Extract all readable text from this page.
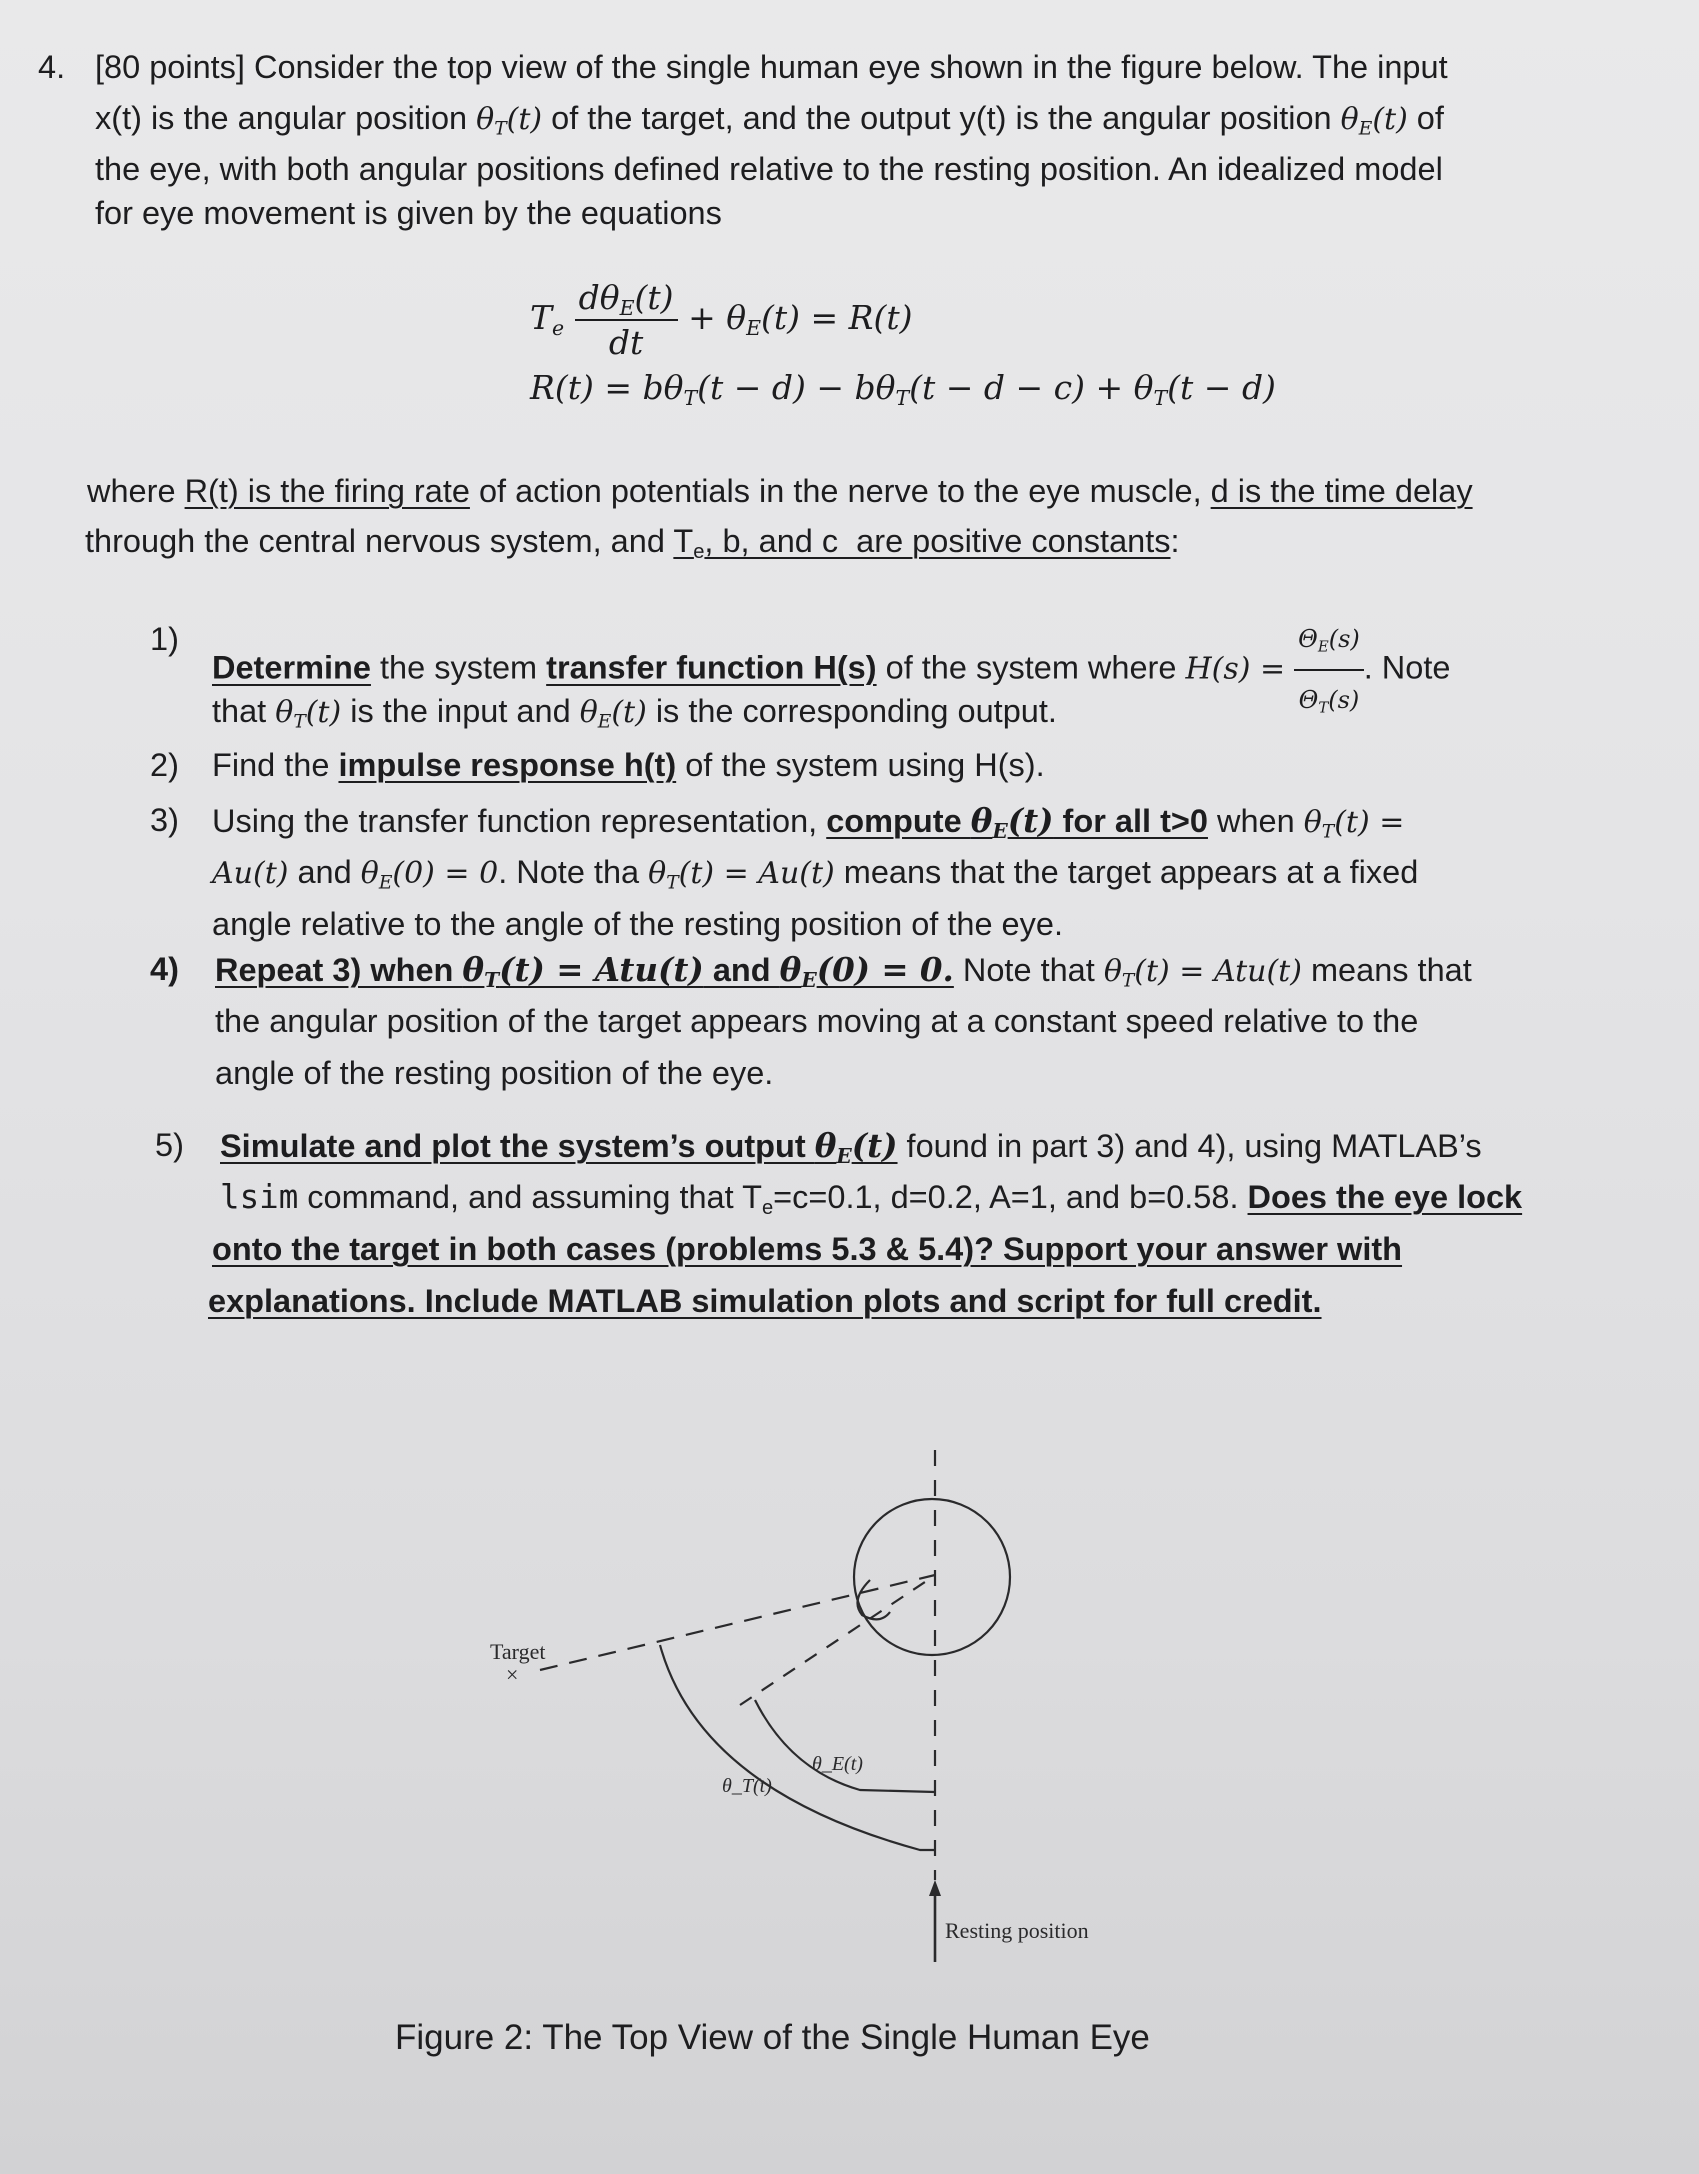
4. [80 points] Consider the top view of the single human eye shown in the figure below. The input
x(t) is the angular position $\theta_T(t)$ of the target, and the output y(t) is the angular position $\theta_E(t)$ of
the eye, with both angular positions defined relative to the resting position. An idealized model
for eye movement is given by the equations
$T_e \frac{d\theta_E(t)}{dt} + \theta_E(t) = R(t)$
$R(t) = b\theta_T(t - d) - b\theta_T(t - d - c) + \theta_T(t - d)$
where R(t) is the firing rate of action potentials in the nerve to the eye muscle, d is the time delay
through the central nervous system, and $T_e$, b, and c  are positive constants:
1)
Determine the system transfer function H(s) of the system where $H(s) = \frac{\Theta_E(s)}{\Theta_T(s)}$ . Note
that $\theta_T(t)$ is the input and $\theta_E(t)$ is the corresponding output.
2) Find the impulse response h(t) of the system using H(s).
3) Using the transfer function representation, compute $\theta_E(t)$ for all t>0 when $\theta_T(t)$ =
Au(t) and $\theta_E(0) = 0$. Note tha $\theta_T(t) = Au(t)$ means that the target appears at a fixed
angle relative to the angle of the resting position of the eye.
4) Repeat 3) when $\theta_T(t) = Atu(t)$ and $\theta_E(0) = 0$. Note that $\theta_T(t) = Atu(t)$ means that
the angular position of the target appears moving at a constant speed relative to the
angle of the resting position of the eye.
5) Simulate and plot the system’s output $\theta_E(t)$ found in part 3) and 4), using MATLAB’s
lsim command, and assuming that $T_e=c=0.1$, d=0.2, A=1, and b=0.58. Does the eye lock
onto the target in both cases (problems 5.3 & 5.4)? Support your answer with
explanations. Include MATLAB simulation plots and script for full credit.
×
Target
θ_T(t)
θ_E(t)
Resting position
Figure 2: The Top View of the Single Human Eye
